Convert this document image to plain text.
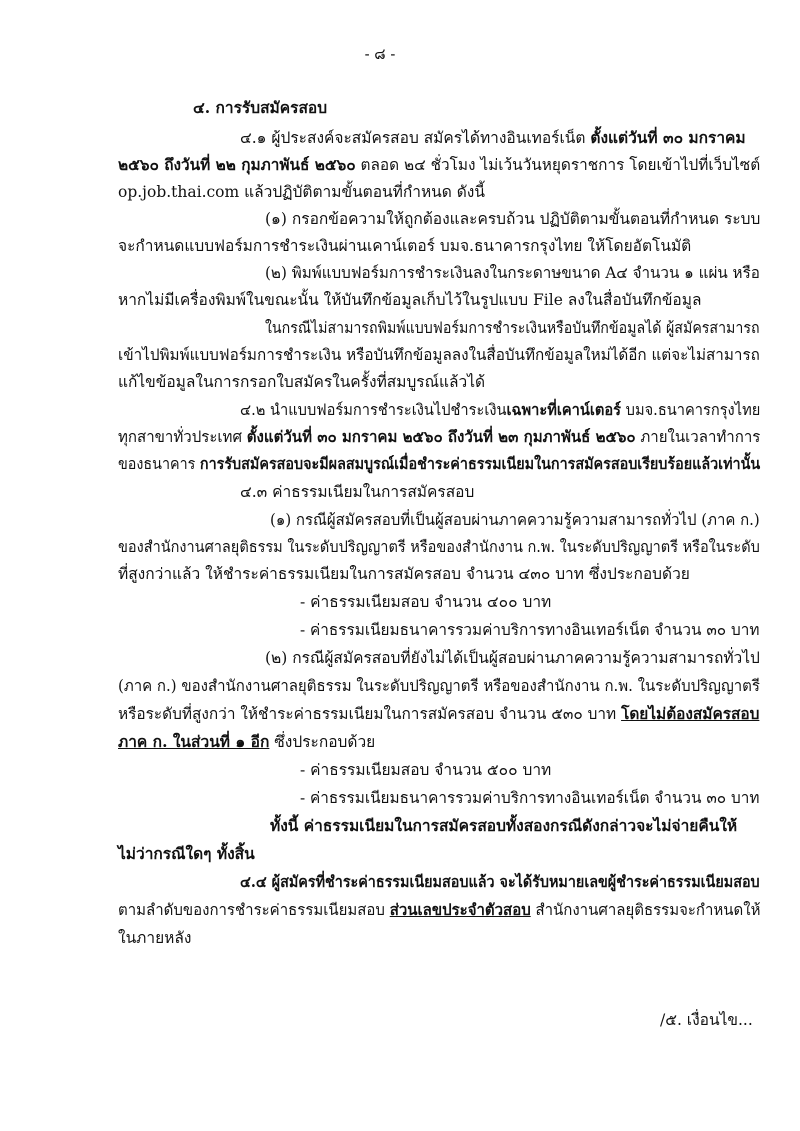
- ๘ -
๔. การรับสมัครสอบ
๔.๑ ผู้ประสงค์จะสมัครสอบ สมัครได้ทางอินเทอร์เน็ต ตั้งแต่วันที่ ๓๐ มกราคม
๒๕๖๐ ถึงวันที่ ๒๒ กุมภาพันธ์ ๒๕๖๐ ตลอด ๒๔ ชั่วโมง ไม่เว้นวันหยุดราชการ โดยเข้าไปที่เว็บไซต์
op.job.thai.com แล้วปฏิบัติตามขั้นตอนที่กำหนด ดังนี้
(๑) กรอกข้อความให้ถูกต้องและครบถ้วน ปฏิบัติตามขั้นตอนที่กำหนด ระบบ
จะกำหนดแบบฟอร์มการชำระเงินผ่านเคาน์เตอร์ บมจ.ธนาคารกรุงไทย ให้โดยอัตโนมัติ
(๒) พิมพ์แบบฟอร์มการชำระเงินลงในกระดาษขนาด A๔ จำนวน ๑ แผ่น หรือ
หากไม่มีเครื่องพิมพ์ในขณะนั้น ให้บันทึกข้อมูลเก็บไว้ในรูปแบบ File ลงในสื่อบันทึกข้อมูล
ในกรณีไม่สามารถพิมพ์แบบฟอร์มการชำระเงินหรือบันทึกข้อมูลได้ ผู้สมัครสามารถ
เข้าไปพิมพ์แบบฟอร์มการชำระเงิน หรือบันทึกข้อมูลลงในสื่อบันทึกข้อมูลใหม่ได้อีก แต่จะไม่สามารถ
แก้ไขข้อมูลในการกรอกใบสมัครในครั้งที่สมบูรณ์แล้วได้
๔.๒ นำแบบฟอร์มการชำระเงินไปชำระเงินเฉพาะที่เคาน์เตอร์ บมจ.ธนาคารกรุงไทย
ทุกสาขาทั่วประเทศ ตั้งแต่วันที่ ๓๐ มกราคม ๒๕๖๐ ถึงวันที่ ๒๓ กุมภาพันธ์ ๒๕๖๐ ภายในเวลาทำการ
ของธนาคาร การรับสมัครสอบจะมีผลสมบูรณ์เมื่อชำระค่าธรรมเนียมในการสมัครสอบเรียบร้อยแล้วเท่านั้น
๔.๓ ค่าธรรมเนียมในการสมัครสอบ
(๑) กรณีผู้สมัครสอบที่เป็นผู้สอบผ่านภาคความรู้ความสามารถทั่วไป (ภาค ก.)
ของสำนักงานศาลยุติธรรม ในระดับปริญญาตรี หรือของสำนักงาน ก.พ. ในระดับปริญญาตรี หรือในระดับ
ที่สูงกว่าแล้ว ให้ชำระค่าธรรมเนียมในการสมัครสอบ จำนวน ๔๓๐ บาท ซึ่งประกอบด้วย
- ค่าธรรมเนียมสอบ จำนวน ๔๐๐ บาท
- ค่าธรรมเนียมธนาคารรวมค่าบริการทางอินเทอร์เน็ต จำนวน ๓๐ บาท
(๒) กรณีผู้สมัครสอบที่ยังไม่ได้เป็นผู้สอบผ่านภาคความรู้ความสามารถทั่วไป
(ภาค ก.) ของสำนักงานศาลยุติธรรม ในระดับปริญญาตรี หรือของสำนักงาน ก.พ. ในระดับปริญญาตรี
หรือระดับที่สูงกว่า ให้ชำระค่าธรรมเนียมในการสมัครสอบ จำนวน ๕๓๐ บาท โดยไม่ต้องสมัครสอบ
ภาค ก. ในส่วนที่ ๑ อีก ซึ่งประกอบด้วย
- ค่าธรรมเนียมสอบ จำนวน ๕๐๐ บาท
- ค่าธรรมเนียมธนาคารรวมค่าบริการทางอินเทอร์เน็ต จำนวน ๓๐ บาท
ทั้งนี้ ค่าธรรมเนียมในการสมัครสอบทั้งสองกรณีดังกล่าวจะไม่จ่ายคืนให้
ไม่ว่ากรณีใดๆ ทั้งสิ้น
๔.๔ ผู้สมัครที่ชำระค่าธรรมเนียมสอบแล้ว จะได้รับหมายเลขผู้ชำระค่าธรรมเนียมสอบ
ตามลำดับของการชำระค่าธรรมเนียมสอบ ส่วนเลขประจำตัวสอบ สำนักงานศาลยุติธรรมจะกำหนดให้
ในภายหลัง
/๕. เงื่อนไข...
